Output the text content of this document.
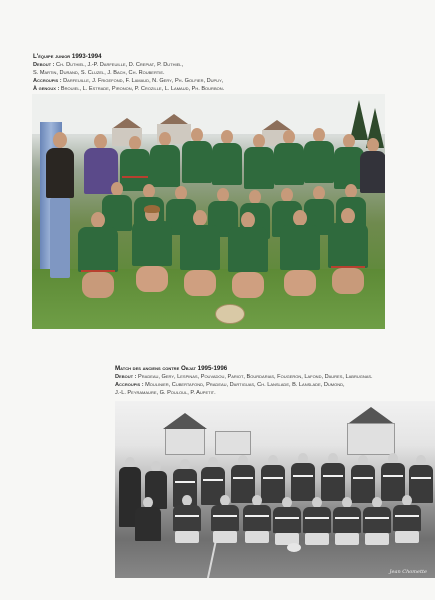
L'équipe junior 1993-1994
Debout : Ch. Duthiel, J.-P. Darfeuille, D. Crepiat, P. Duthiel,
S. Martin, Durand, S. Cluzel, J. Bach, Ch. Roubertie.
Accroupis : Darfeuille, J. Frigefond, F. Lamaud, N. Gery, Ph. Golfier, Dupuy,
À genoux : Brouiel, L. Estrade, Pironon, P. Crozille, L. Lamaud, Ph. Bourbon.
Match des anciens contre Objat 1995-1996
Debout : Pradeau, Gery, Lespinas, Pouvadou, Pariot, Bourdarias, Fougeron, Lafond, Daures, Labrugnas.
Accroupis : Moulinier, Cubertafond, Pradeau, Dartiguas, Ch. Lanslade, B. Lanslade, Dumond,
J.-L. Peyramaure, G. Pouloul, P. Aupetit.
Jean Chomette
